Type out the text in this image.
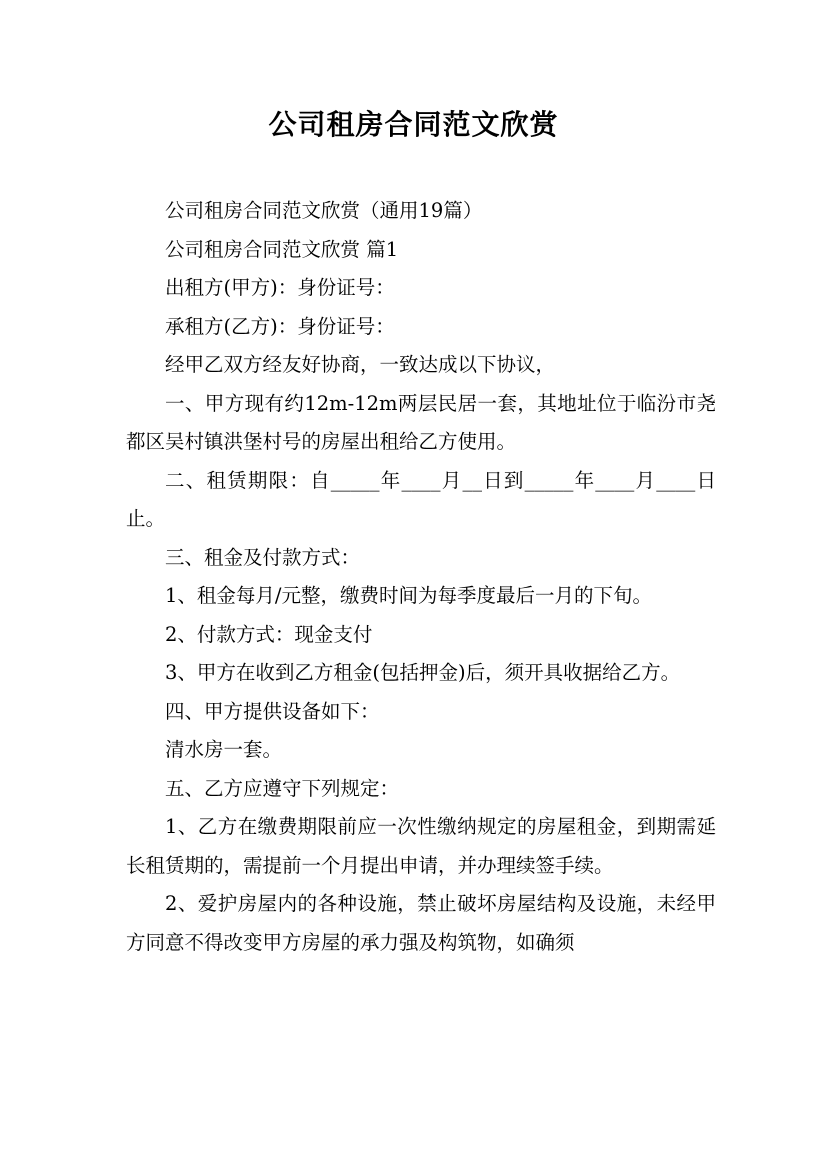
公司租房合同范文欣赏

公司租房合同范文欣赏（通用19篇）

公司租房合同范文欣赏 篇1

出租方(甲方)：身份证号：

承租方(乙方)：身份证号：

经甲乙双方经友好协商，一致达成以下协议，

一、甲方现有约12m-12m两层民居一套，其地址位于临汾市尧都区吴村镇洪堡村号的房屋出租给乙方使用。

二、租赁期限：自_____年____月__日到_____年____月____日止。

三、租金及付款方式：

1、租金每月/元整，缴费时间为每季度最后一月的下旬。

2、付款方式：现金支付

3、甲方在收到乙方租金(包括押金)后，须开具收据给乙方。

四、甲方提供设备如下：

清水房一套。

五、乙方应遵守下列规定：

1、乙方在缴费期限前应一次性缴纳规定的房屋租金，到期需延长租赁期的，需提前一个月提出申请，并办理续签手续。

2、爱护房屋内的各种设施，禁止破坏房屋结构及设施，未经甲方同意不得改变甲方房屋的承力强及构筑物，如确须
